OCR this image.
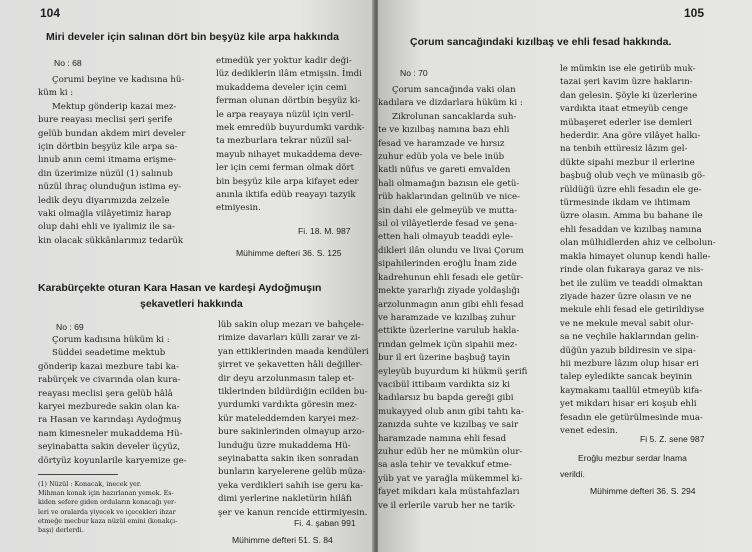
104
Miri develer için salınan dört bin beşyüz kile arpa hakkında
No : 68
Çorumi beyine ve kadısına hü-
küm ki :
Mektup gönderip kazai mez-
bure reayası meclisi şeri şerife
gelüb bundan akdem miri develer
için dörtbin beşyüz kile arpa sa-
lınub anın cemi itmama erişme-
din üzerimize nüzül (1) salınub
nüzül ihraç olunduğun istima ey-
ledik deyu diyarımızda zelzele
vaki olmağla vilâyetimiz harap
olup dahi ehli ve iyalimiz ile sa-
kin olacak sükkânlarımız tedarük
etmedük yer yoktur kadir deği-
lüz dediklerin ilâm etmişsin. İmdi
mukaddema develer için cemi
ferman olunan dörtbin beşyüz ki-
le arpa reayaya nüzül için veril-
mek emredüb buyurdumki vardık-
ta mezburlara tekrar nüzül sal-
mayub nihayet mukaddema deve-
ler için cemi ferman olmak dört
bin beşyüz kile arpa kifayet eder
anınla iktifa edüb reayayı tazyik
etmiyesin.
Fi. 18. M. 987
Mühimme defteri 36. S. 125
Karabürçekte oturan Kara Hasan ve kardeşi Aydoğmuşın
şekavetleri hakkında
No : 69
Çorum kadısına hüküm ki :
Süddei seadetime mektub
gönderip kazai mezbure tabi ka-
rabürçek ve civarında olan kura-
reayası meclisi şera gelüb hâlâ
karyei mezburede sakin olan ka-
ra Hasan ve karındaşı Aydoğmuş
nam kimesneler mukaddema Hü-
seyinabatta sakin develer üçyüz,
dörtyüz koyunlarile karyemize ge-
lüb sakin olup mezarı ve bahçele-
rimize davarları külli zarar ve zi-
yan ettiklerinden maada kendüleri
şirret ve şekavetten hâli değiller-
dir deyu arzolunmasın talep et-
tiklerinden bildürdiğin ecilden bu-
yurdumki vardıkta göresin mez-
kür mateleddemden karyei mez-
bure sakinlerinden olmayup arzo-
lunduğu üzre mukaddema Hü-
seyinabatta sakin iken sonradan
bunların karyelerene gelüb müza-
yeka verdikleri sahih ise geru ka-
dimi yerlerine nakletürin hilâfı
şer ve kanun rencide ettirmiyesin.
Fi. 4. şaban 991
Mühimme defteri 51. S. 84
(1) Nüzül : Konacak, inecek yer.
Mihman konak için hazırlanan yemek. Es-
kiden sefere giden orduların konacağı yer-
leri ve oralarda yiyecek ve içecekleri ihzar
etmeğe mecbur kaza nüzül emini (konakçı-
başı) derlerdi.
105
Çorum sancağındaki kızılbaş ve ehli fesad hakkında.
No : 70
Çorum sancağında vaki olan
kadılara ve dizdarlara hüküm ki :
Zikrolunan sancaklarda suh-
te ve kızılbaş namına bazı ehli
fesad ve haramzade ve hırsız
zuhur edüb yola ve bele inüb
katli nüfus ve gareti emvalden
hali olmamağın bazısın ele getü-
rüb haklarından gelinüb ve nice-
sin dahi ele gelmeyüb ve mutta-
sıl ol vilâyetlerde fesad ve şena-
etten hali olmayub teaddi eyle-
dikleri ilân olundu ve livai Çorum
sipahilerinden eroğlu İnam zide
kadrehunun ehli fesadı ele getür-
mekte yararlığı ziyade yoldaşlığı
arzolunmagın anın gibi ehli fesad
ve haramzade ve kızılbaş zuhur
ettikte üzerlerine varulub hakla-
rından gelmek içün sipahii mez-
bur il eri üzerine başbuğ tayin
eyleyüb buyurdum ki hükmü şerifi
vacibül ittibaım vardıkta siz ki
kadılarsız bu bapda gereği gibi
mukayyed olub anın gibi tahtı ka-
zanızda suhte ve kızılbaş ve sair
haramzade namına ehli fesad
zuhur edüb her ne mümkün olur-
sa asla tehir ve tevakkuf etme-
yüb yat ve yarağla mükemmel ki-
fayet mikdarı kala müstahfazları
ve il erlerile varub her ne tarik-
le mümkin ise ele getirüb muk-
tazai şeri kavim üzre hakların-
dan gelesin. Şöyle ki üzerlerine
vardıkta itaat etmeyüb cenge
mübaşeret ederler ise demleri
hederdir. Ana göre vilâyet halkı-
na tenbih ettüresiz lâzım gel-
dükte sipahi mezbur il erlerine
başbuğ olub veçh ve münasib gö-
rüldüğü üzre ehli fesadın ele ge-
türmesinde ikdam ve ihtimam
üzre olasın. Amma bu bahane ile
ehli fesaddan ve kızılbaş namına
olan mülhidlerden ahiz ve celbolun-
makla himayet olunup kendi halle-
rinde olan fukaraya garaz ve nis-
bet ile zulüm ve teaddi olmaktan
ziyade hazer üzre olasın ve ne
mekule ehli fesad ele getirildiyse
ve ne mekule meval sabit olur-
sa ne veçhile haklarından gelin-
düğün yazub bildiresin ve sipa-
hii mezbure lâzım olup hisar eri
talep eyledikte sancak beyinin
kaymakamı taallül etmeyüb kifa-
yet mikdarı hisar eri koşub ehli
fesadın ele getürülmesinde mua-
venet edesin.
Fi 5. Z. sene 987
Eroğlu mezbur serdar İnama
verildi.
Mühimme defteri 36. S. 294
